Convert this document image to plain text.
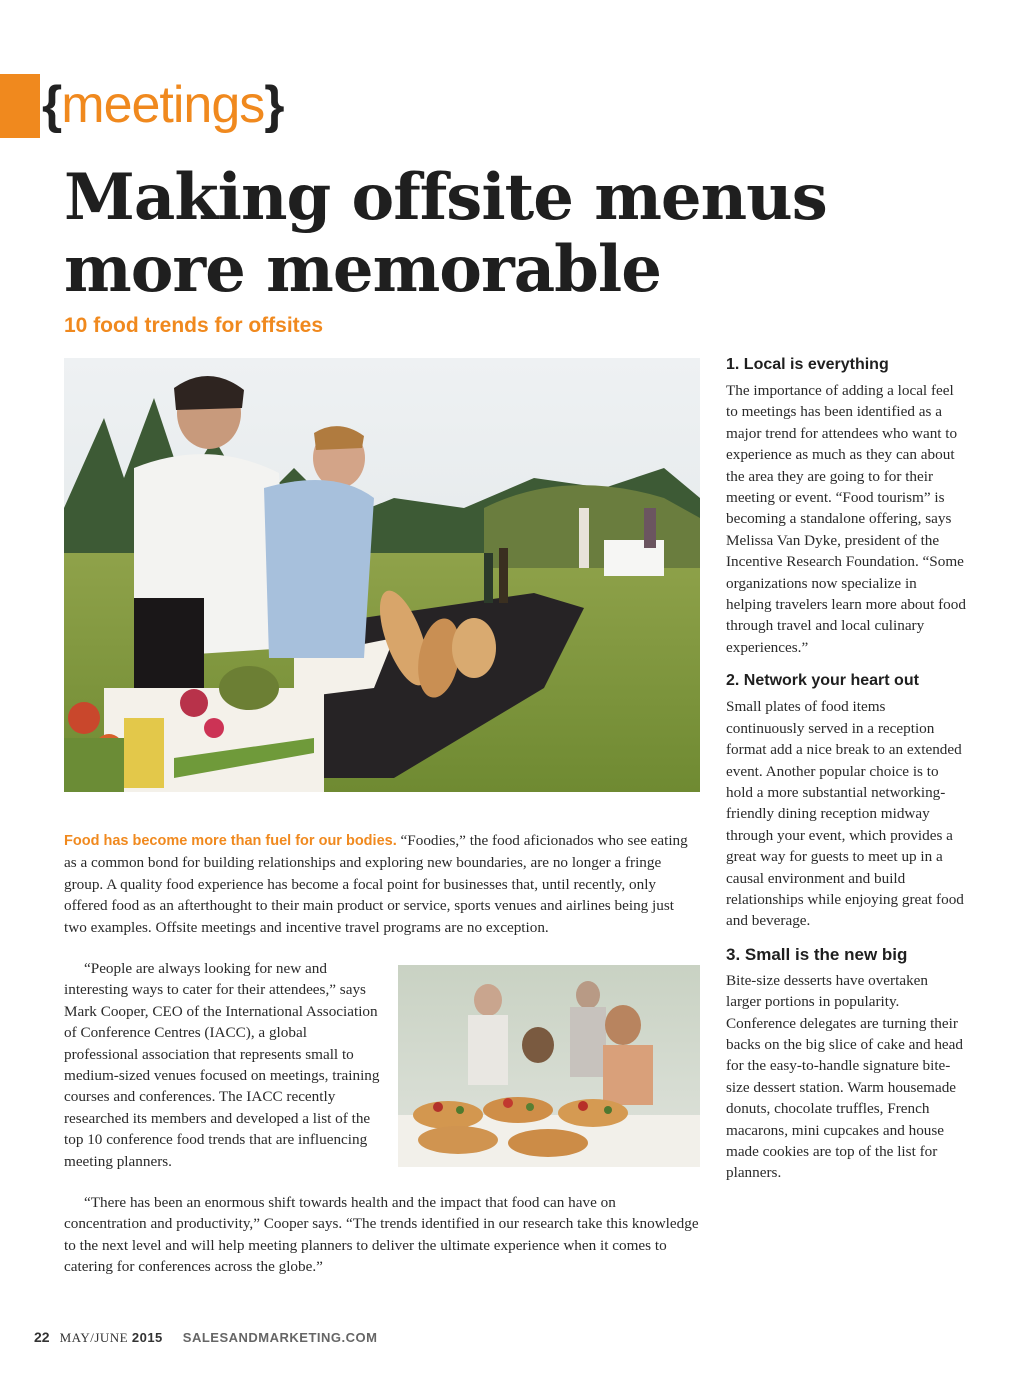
{meetings}
Making offsite menus more memorable
10 food trends for offsites

Food has become more than fuel for our bodies. “Foodies,” the food aficionados who see eating as a common bond for building relationships and exploring new boundaries, are no longer a fringe group. A quality food experience has become a focal point for businesses that, until recently, only offered food as an afterthought to their main product or service, sports venues and airlines being just two examples. Offsite meetings and incentive travel programs are no exception.

“People are always looking for new and interesting ways to cater for their attendees,” says Mark Cooper, CEO of the International Association of Conference Centres (IACC), a global professional association that represents small to medium-sized venues focused on meetings, training courses and conferences. The IACC recently researched its members and developed a list of the top 10 conference food trends that are influencing meeting planners.

“There has been an enormous shift towards health and the impact that food can have on concentration and productivity,” Cooper says. “The trends identified in our research take this knowledge to the next level and will help meeting planners to deliver the ultimate experience when it comes to catering for conferences across the globe.”

1. Local is everything

The importance of adding a local feel to meetings has been identified as a major trend for attendees who want to experience as much as they can about the area they are going to for their meeting or event. “Food tourism” is becoming a standalone offering, says Melissa Van Dyke, president of the Incentive Research Foundation. “Some organizations now specialize in helping travelers learn more about food through travel and local culinary experiences.”

2. Network your heart out

Small plates of food items continuously served in a reception format add a nice break to an extended event. Another popular choice is to hold a more substantial networking-friendly dining reception midway through your event, which provides a great way for guests to meet up in a causal environment and build relationships while enjoying great food and beverage.

3. Small is the new big

Bite-size desserts have overtaken larger portions in popularity. Conference delegates are turning their backs on the big slice of cake and head for the easy-to-handle signature bite-size dessert station. Warm housemade donuts, chocolate truffles, French macarons, mini cupcakes and house made cookies are top of the list for planners.

22 MAY/JUNE 2015 SALESANDMARKETING.COM
